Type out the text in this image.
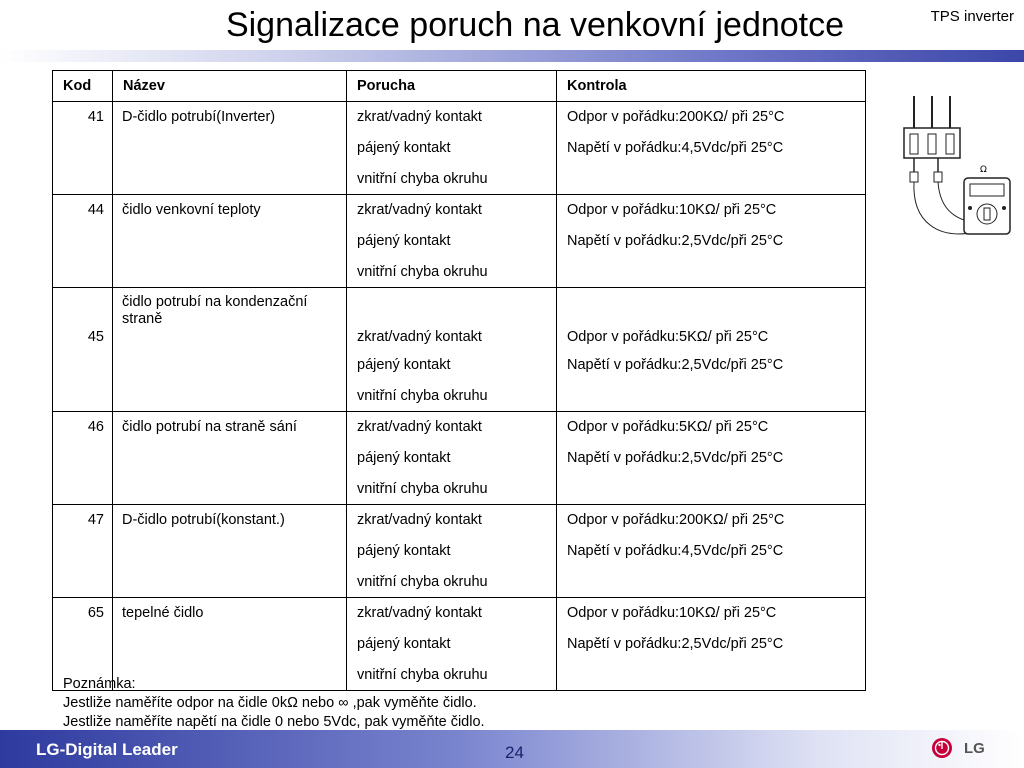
Signalizace poruch na venkovní jednotce	TPS inverter
Kod	Název	Porucha	Kontrola
41	D-čidlo potrubí(Inverter)	zkrat/vadný kontakt	Odpor v pořádku:200KΩ/ při 25°C
		pájený kontakt	Napětí v pořádku:4,5Vdc/při 25°C
		vnitřní chyba okruhu	
44	čidlo venkovní teploty	zkrat/vadný kontakt	Odpor v pořádku:10KΩ/ při 25°C
		pájený kontakt	Napětí v pořádku:2,5Vdc/při 25°C
		vnitřní chyba okruhu	
45	čidlo potrubí na kondenzační straně	zkrat/vadný kontakt	Odpor v pořádku:5KΩ/ při 25°C
		pájený kontakt	Napětí v pořádku:2,5Vdc/při 25°C
		vnitřní chyba okruhu	
46	čidlo potrubí na straně sání	zkrat/vadný kontakt	Odpor v pořádku:5KΩ/ při 25°C
		pájený kontakt	Napětí v pořádku:2,5Vdc/při 25°C
		vnitřní chyba okruhu	
47	D-čidlo potrubí(konstant.)	zkrat/vadný kontakt	Odpor v pořádku:200KΩ/ při 25°C
		pájený kontakt	Napětí v pořádku:4,5Vdc/při 25°C
		vnitřní chyba okruhu	
65	tepelné čidlo	zkrat/vadný kontakt	Odpor v pořádku:10KΩ/ při 25°C
		pájený kontakt	Napětí v pořádku:2,5Vdc/při 25°C
		vnitřní chyba okruhu	
Poznámka:
Jestliže naměříte odpor na čidle 0kΩ nebo ∞ ,pak vyměňte čidlo.
Jestliže naměříte napětí na čidle 0 nebo 5Vdc, pak vyměňte čidlo.
Ω
LG-Digital Leader	24	LG
